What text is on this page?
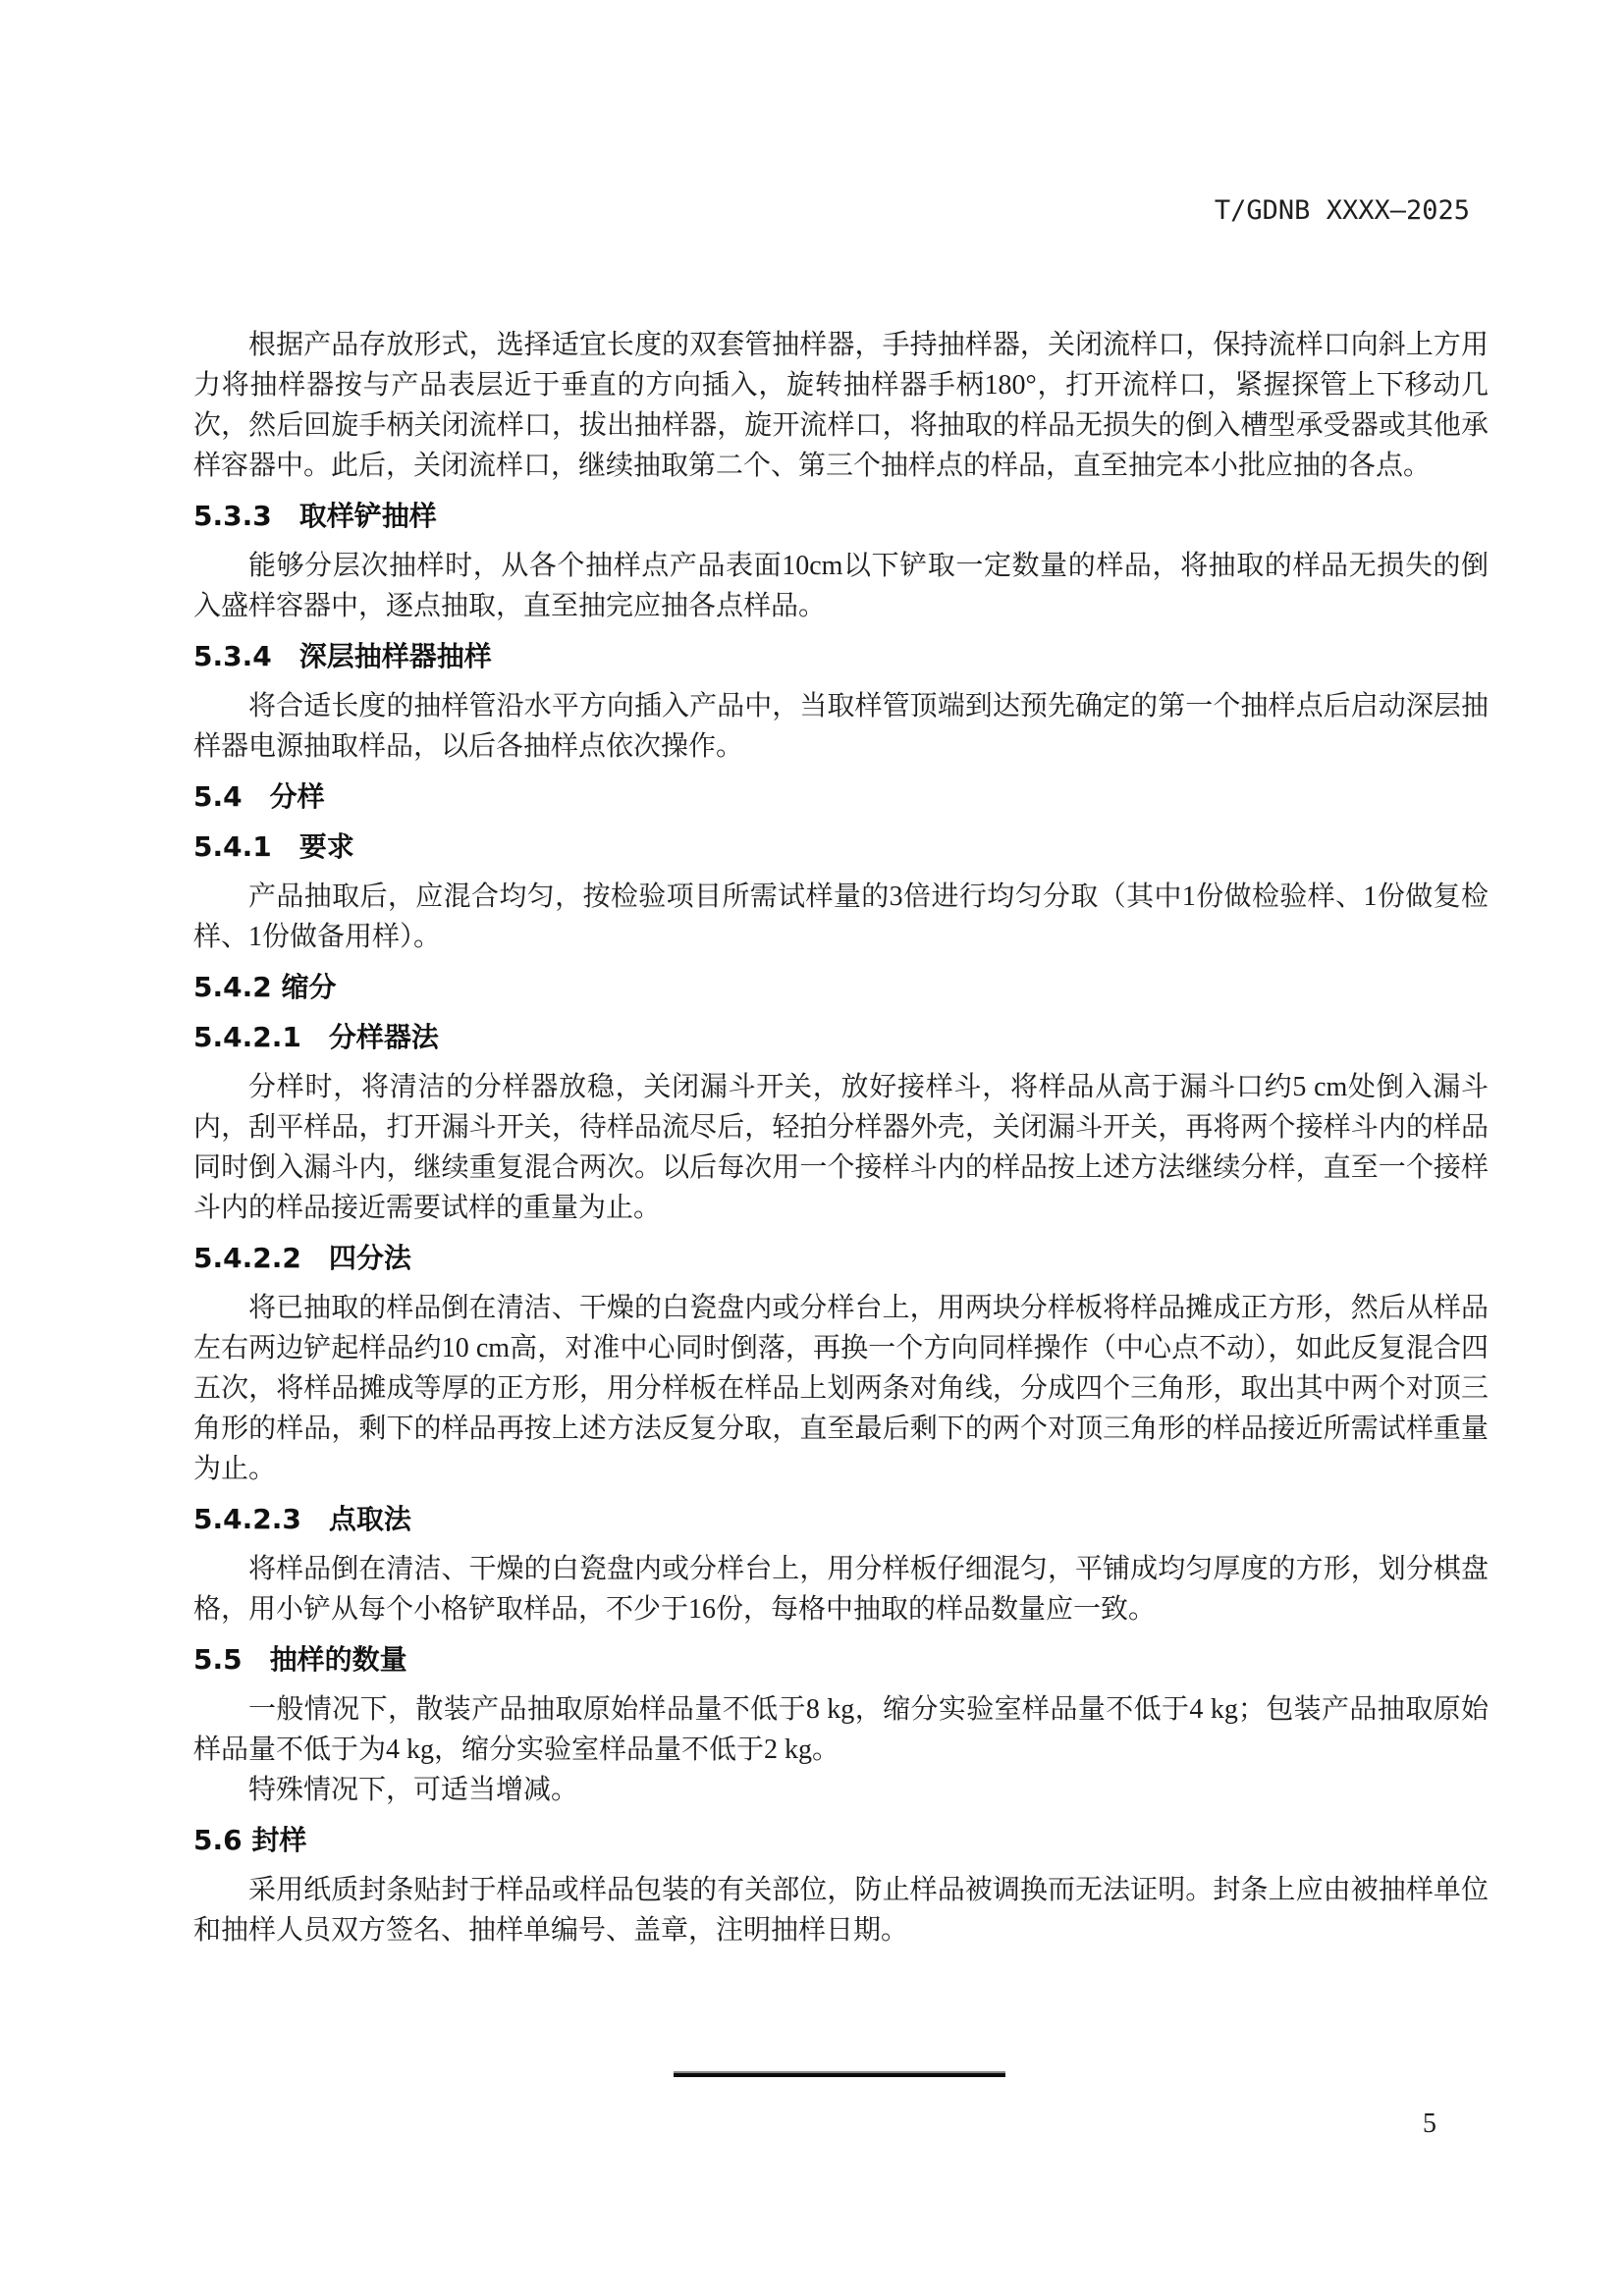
T/GDNB XXXX—2025

根据产品存放形式，选择适宜长度的双套管抽样器，手持抽样器，关闭流样口，保持流样口向斜上方用力将抽样器按与产品表层近于垂直的方向插入，旋转抽样器手柄180°，打开流样口，紧握探管上下移动几次，然后回旋手柄关闭流样口，拔出抽样器，旋开流样口，将抽取的样品无损失的倒入槽型承受器或其他承样容器中。此后，关闭流样口，继续抽取第二个、第三个抽样点的样品，直至抽完本小批应抽的各点。

5.3.3　取样铲抽样

能够分层次抽样时，从各个抽样点产品表面10cm以下铲取一定数量的样品，将抽取的样品无损失的倒入盛样容器中，逐点抽取，直至抽完应抽各点样品。

5.3.4　深层抽样器抽样

将合适长度的抽样管沿水平方向插入产品中，当取样管顶端到达预先确定的第一个抽样点后启动深层抽样器电源抽取样品，以后各抽样点依次操作。

5.4　分样
5.4.1　要求

产品抽取后，应混合均匀，按检验项目所需试样量的3倍进行均匀分取（其中1份做检验样、1份做复检样、1份做备用样）。

5.4.2 缩分
5.4.2.1　分样器法

分样时，将清洁的分样器放稳，关闭漏斗开关，放好接样斗，将样品从高于漏斗口约5 cm处倒入漏斗内，刮平样品，打开漏斗开关，待样品流尽后，轻拍分样器外壳，关闭漏斗开关，再将两个接样斗内的样品同时倒入漏斗内，继续重复混合两次。以后每次用一个接样斗内的样品按上述方法继续分样，直至一个接样斗内的样品接近需要试样的重量为止。

5.4.2.2　四分法

将已抽取的样品倒在清洁、干燥的白瓷盘内或分样台上，用两块分样板将样品摊成正方形，然后从样品左右两边铲起样品约10 cm高，对准中心同时倒落，再换一个方向同样操作（中心点不动），如此反复混合四五次，将样品摊成等厚的正方形，用分样板在样品上划两条对角线，分成四个三角形，取出其中两个对顶三角形的样品，剩下的样品再按上述方法反复分取，直至最后剩下的两个对顶三角形的样品接近所需试样重量为止。

5.4.2.3　点取法

将样品倒在清洁、干燥的白瓷盘内或分样台上，用分样板仔细混匀，平铺成均匀厚度的方形，划分棋盘格，用小铲从每个小格铲取样品，不少于16份，每格中抽取的样品数量应一致。

5.5　抽样的数量

一般情况下，散装产品抽取原始样品量不低于8 kg，缩分实验室样品量不低于4 kg；包装产品抽取原始样品量不低于为4 kg，缩分实验室样品量不低于2 kg。

特殊情况下，可适当增减。

5.6 封样

采用纸质封条贴封于样品或样品包装的有关部位，防止样品被调换而无法证明。封条上应由被抽样单位和抽样人员双方签名、抽样单编号、盖章，注明抽样日期。

5
